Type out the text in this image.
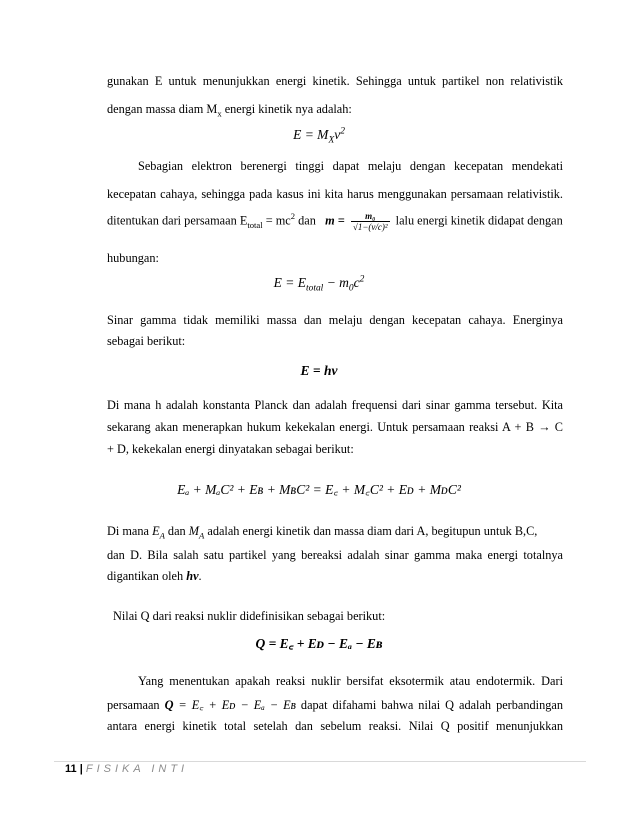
gunakan E untuk menunjukkan energi kinetik. Sehingga untuk partikel non relativistik
dengan massa diam $M_x$ energi kinetik nya adalah:
$E = M_Xv^2$
Sebagian elektron berenergi tinggi dapat melaju dengan kecepatan mendekati
kecepatan cahaya, sehingga pada kasus ini kita harus menggunakan persamaan relativistik.
ditentukan dari persamaan $E_{total} = mc^2$ dan $m = \frac{\text{m₀}}{\text{√1−(v/c)²}}$ lalu energi kinetik didapat dengan
hubungan:
$E = E_{total} - m_0c^2$
Sinar gamma tidak memiliki massa dan melaju dengan kecepatan cahaya. Energinya
sebagai berikut:
E = hv
Di mana h adalah konstanta Planck dan adalah frequensi dari sinar gamma tersebut. Kita
sekarang akan menerapkan hukum kekekalan energi. Untuk persamaan reaksi A + B → C
+ D, kekekalan energi dinyatakan sebagai berikut:
Eₐ + MₐC² + Eʙ + MʙC² = E꜀ + M꜀C² + Eᴅ + MᴅC²
Di mana $E_A$ dan $M_A$ adalah energi kinetik dan massa diam dari A, begitupun untuk B,C,
dan D. Bila salah satu partikel yang bereaksi adalah sinar gamma maka energi totalnya
digantikan oleh hv.
Nilai Q dari reaksi nuklir didefinisikan sebagai berikut:
Q = E꜀ + Eᴅ − Eₐ − Eʙ
Yang menentukan apakah reaksi nuklir bersifat eksotermik atau endotermik. Dari
persamaan Q = E꜀ + Eᴅ − Eₐ − Eʙ dapat difahami bahwa nilai Q adalah perbandingan
antara energi kinetik total setelah dan sebelum reaksi. Nilai Q positif menunjukkan
11 | FISIKA INTI
